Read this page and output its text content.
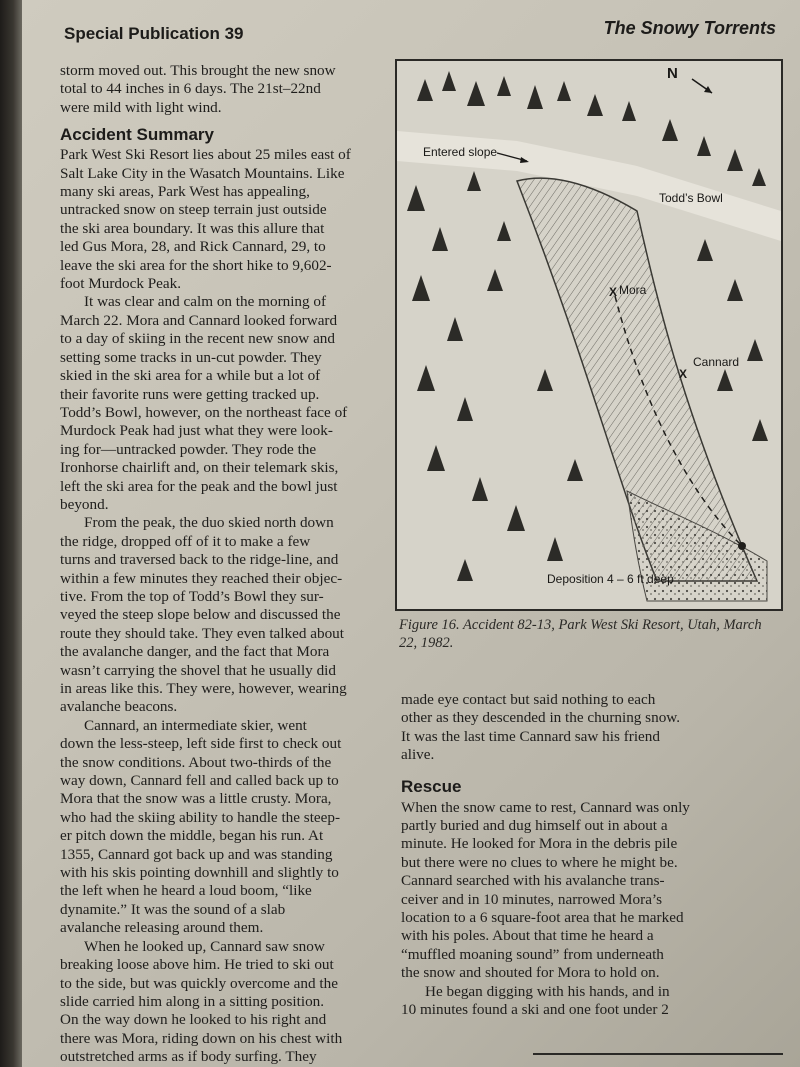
Special Publication 39	The Snowy Torrents

storm moved out. This brought the new snow
total to 44 inches in 6 days. The 21st–22nd
were mild with light wind.

Accident Summary

Park West Ski Resort lies about 25 miles east of
Salt Lake City in the Wasatch Mountains. Like
many ski areas, Park West has appealing,
untracked snow on steep terrain just outside
the ski area boundary. It was this allure that
led Gus Mora, 28, and Rick Cannard, 29, to
leave the ski area for the short hike to 9,602-
foot Murdock Peak.

It was clear and calm on the morning of
March 22. Mora and Cannard looked forward
to a day of skiing in the recent new snow and
setting some tracks in un-cut powder. They
skied in the ski area for a while but a lot of
their favorite runs were getting tracked up.
Todd’s Bowl, however, on the northeast face of
Murdock Peak had just what they were look-
ing for—untracked powder. They rode the
Ironhorse chairlift and, on their telemark skis,
left the ski area for the peak and the bowl just
beyond.

From the peak, the duo skied north down
the ridge, dropped off of it to make a few
turns and traversed back to the ridge-line, and
within a few minutes they reached their objec-
tive. From the top of Todd’s Bowl they sur-
veyed the steep slope below and discussed the
route they should take. They even talked about
the avalanche danger, and the fact that Mora
wasn’t carrying the shovel that he usually did
in areas like this. They were, however, wearing
avalanche beacons.

Cannard, an intermediate skier, went
down the less-steep, left side first to check out
the snow conditions. About two-thirds of the
way down, Cannard fell and called back up to
Mora that the snow was a little crusty. Mora,
who had the skiing ability to handle the steep-
er pitch down the middle, began his run. At
1355, Cannard got back up and was standing
with his skis pointing downhill and slightly to
the left when he heard a loud boom, “like
dynamite.” It was the sound of a slab
avalanche releasing around them.

When he looked up, Cannard saw snow
breaking loose above him. He tried to ski out
to the side, but was quickly overcome and the
slide carried him along in a sitting position.
On the way down he looked to his right and
there was Mora, riding down on his chest with
outstretched arms as if body surfing. They

N
Entered slope
Todd’s Bowl
X Mora
Cannard
X
Deposition 4 – 6 ft deep
Figure 16. Accident 82-13, Park West Ski Resort, Utah, March
22, 1982.

made eye contact but said nothing to each
other as they descended in the churning snow.
It was the last time Cannard saw his friend
alive.

Rescue

When the snow came to rest, Cannard was only
partly buried and dug himself out in about a
minute. He looked for Mora in the debris pile
but there were no clues to where he might be.
Cannard searched with his avalanche trans-
ceiver and in 10 minutes, narrowed Mora’s
location to a 6 square-foot area that he marked
with his poles. About that time he heard a
“muffled moaning sound” from underneath
the snow and shouted for Mora to hold on.

He began digging with his hands, and in
10 minutes found a ski and one foot under 2
